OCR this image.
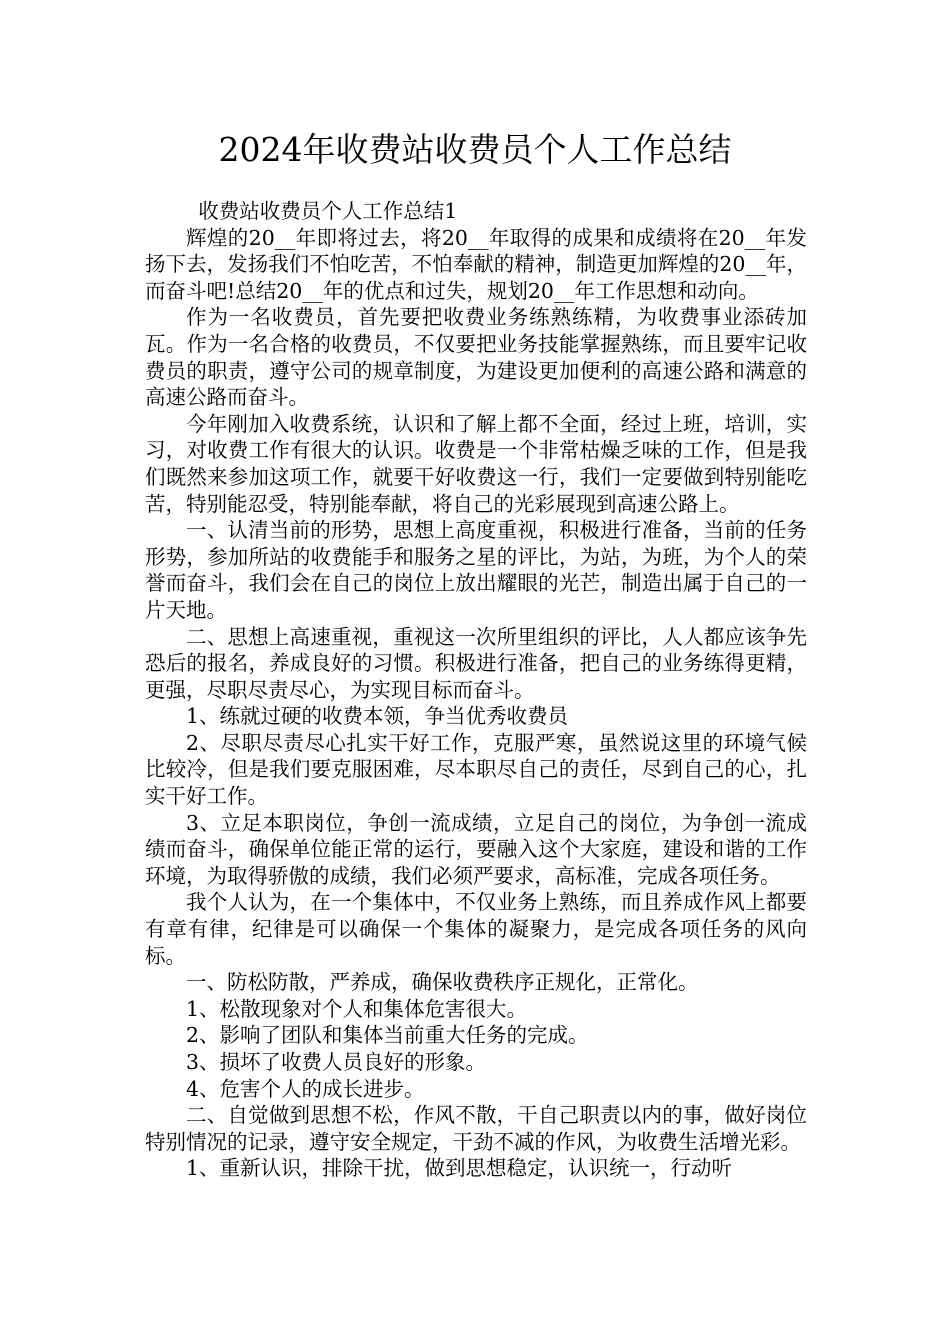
2024年收费站收费员个人工作总结

收费站收费员个人工作总结1

辉煌的20__年即将过去，将20__年取得的成果和成绩将在20__年发扬下去，发扬我们不怕吃苦，不怕奉献的精神，制造更加辉煌的20__年，而奋斗吧!总结20__年的优点和过失，规划20__年工作思想和动向。

作为一名收费员，首先要把收费业务练熟练精，为收费事业添砖加瓦。作为一名合格的收费员，不仅要把业务技能掌握熟练，而且要牢记收费员的职责，遵守公司的规章制度，为建设更加便利的高速公路和满意的高速公路而奋斗。

今年刚加入收费系统，认识和了解上都不全面，经过上班，培训，实习，对收费工作有很大的认识。收费是一个非常枯燥乏味的工作，但是我们既然来参加这项工作，就要干好收费这一行，我们一定要做到特别能吃苦，特别能忍受，特别能奉献，将自己的光彩展现到高速公路上。

一、认清当前的形势，思想上高度重视，积极进行准备，当前的任务形势，参加所站的收费能手和服务之星的评比，为站，为班，为个人的荣誉而奋斗，我们会在自己的岗位上放出耀眼的光芒，制造出属于自己的一片天地。

二、思想上高速重视，重视这一次所里组织的评比，人人都应该争先恐后的报名，养成良好的习惯。积极进行准备，把自己的业务练得更精，更强，尽职尽责尽心，为实现目标而奋斗。

1、练就过硬的收费本领，争当优秀收费员

2、尽职尽责尽心扎实干好工作，克服严寒，虽然说这里的环境气候比较冷，但是我们要克服困难，尽本职尽自己的责任，尽到自己的心，扎实干好工作。

3、立足本职岗位，争创一流成绩，立足自己的岗位，为争创一流成绩而奋斗，确保单位能正常的运行，要融入这个大家庭，建设和谐的工作环境，为取得骄傲的成绩，我们必须严要求，高标准，完成各项任务。

我个人认为，在一个集体中，不仅业务上熟练，而且养成作风上都要有章有律，纪律是可以确保一个集体的凝聚力，是完成各项任务的风向标。

一、防松防散，严养成，确保收费秩序正规化，正常化。

1、松散现象对个人和集体危害很大。

2、影响了团队和集体当前重大任务的完成。

3、损坏了收费人员良好的形象。

4、危害个人的成长进步。

二、自觉做到思想不松，作风不散，干自己职责以内的事，做好岗位特别情况的记录，遵守安全规定，干劲不减的作风，为收费生活增光彩。

1、重新认识，排除干扰，做到思想稳定，认识统一，行动听
